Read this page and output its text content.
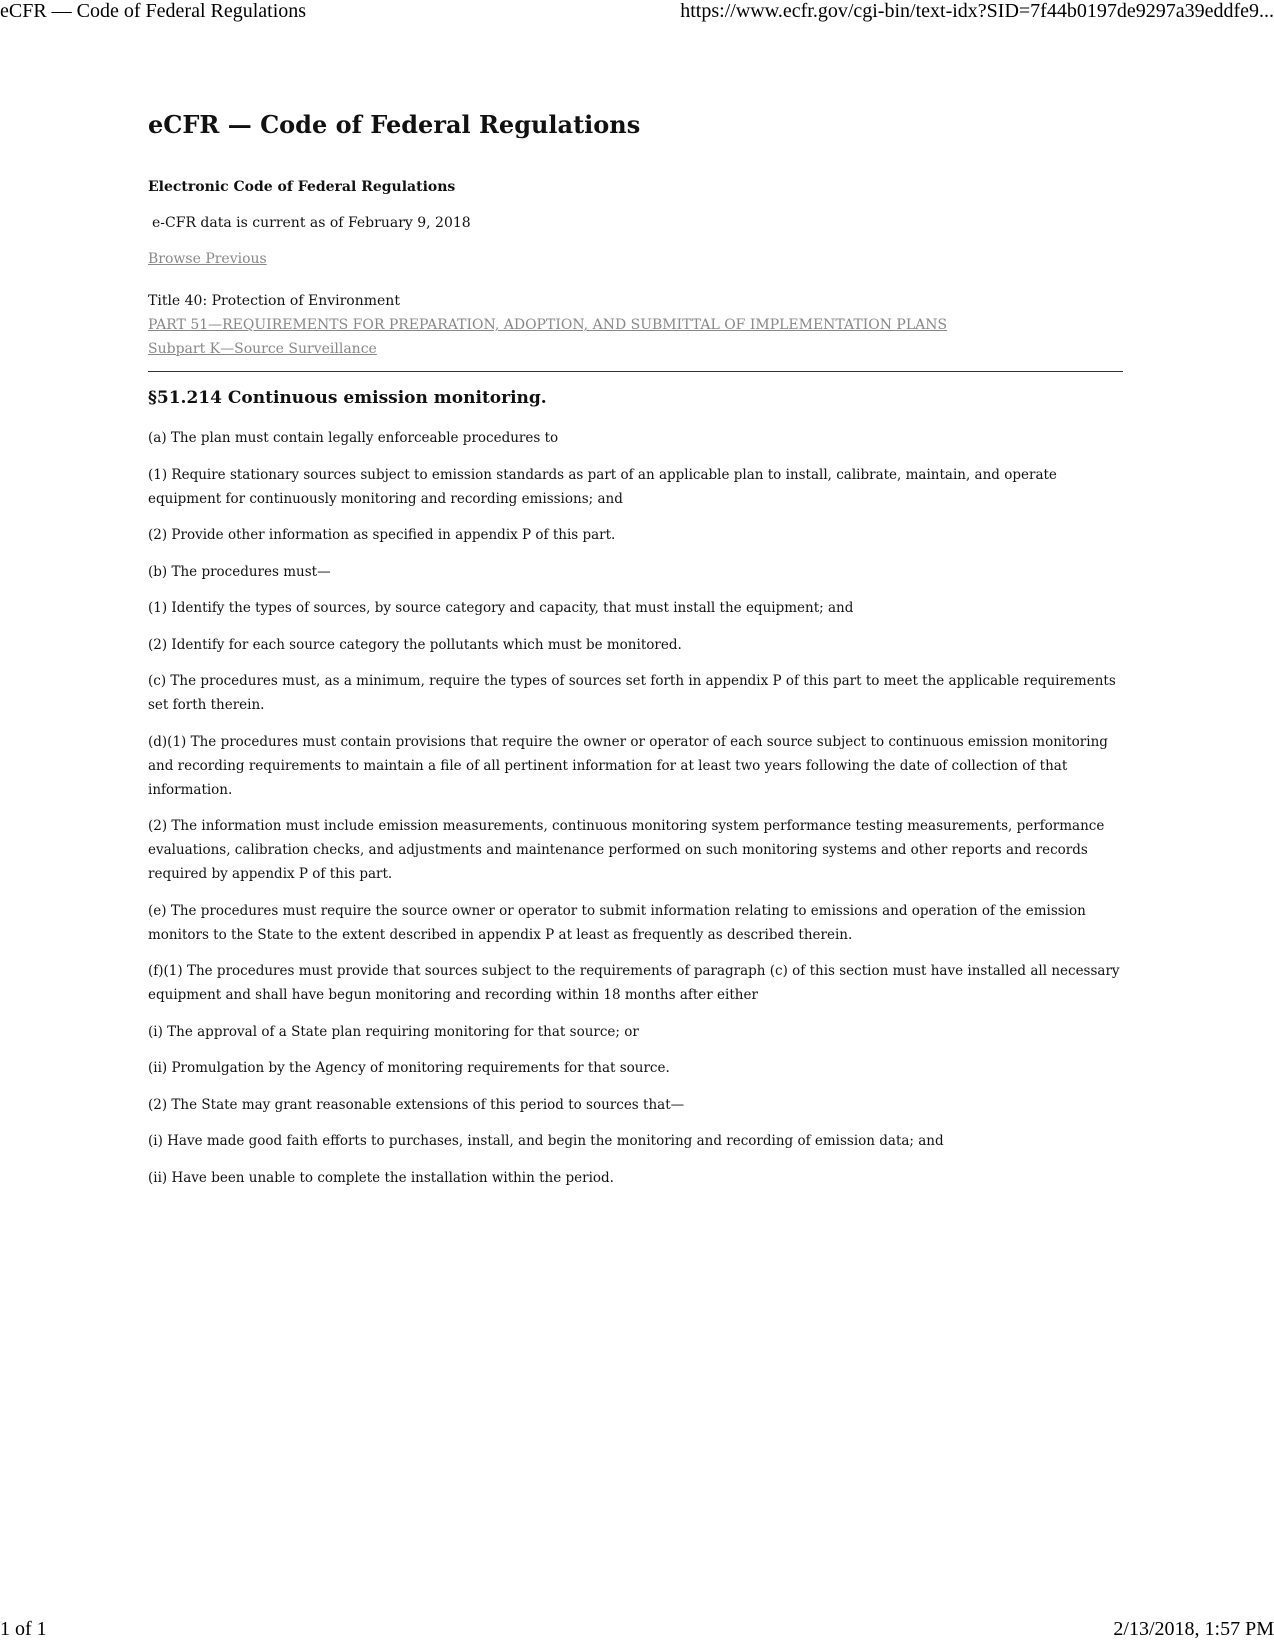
eCFR — Code of Federal Regulations	https://www.ecfr.gov/cgi-bin/text-idx?SID=7f44b0197de9297a39eddfe9...
eCFR — Code of Federal Regulations
Electronic Code of Federal Regulations
e-CFR data is current as of February 9, 2018
Browse Previous
Title 40: Protection of Environment
PART 51—REQUIREMENTS FOR PREPARATION, ADOPTION, AND SUBMITTAL OF IMPLEMENTATION PLANS
Subpart K—Source Surveillance
§51.214 Continuous emission monitoring.

(a) The plan must contain legally enforceable procedures to

(1) Require stationary sources subject to emission standards as part of an applicable plan to install, calibrate, maintain, and operate equipment for continuously monitoring and recording emissions; and

(2) Provide other information as specified in appendix P of this part.

(b) The procedures must—

(1) Identify the types of sources, by source category and capacity, that must install the equipment; and

(2) Identify for each source category the pollutants which must be monitored.

(c) The procedures must, as a minimum, require the types of sources set forth in appendix P of this part to meet the applicable requirements set forth therein.

(d)(1) The procedures must contain provisions that require the owner or operator of each source subject to continuous emission monitoring and recording requirements to maintain a file of all pertinent information for at least two years following the date of collection of that information.

(2) The information must include emission measurements, continuous monitoring system performance testing measurements, performance evaluations, calibration checks, and adjustments and maintenance performed on such monitoring systems and other reports and records required by appendix P of this part.

(e) The procedures must require the source owner or operator to submit information relating to emissions and operation of the emission monitors to the State to the extent described in appendix P at least as frequently as described therein.

(f)(1) The procedures must provide that sources subject to the requirements of paragraph (c) of this section must have installed all necessary equipment and shall have begun monitoring and recording within 18 months after either

(i) The approval of a State plan requiring monitoring for that source; or

(ii) Promulgation by the Agency of monitoring requirements for that source.

(2) The State may grant reasonable extensions of this period to sources that—

(i) Have made good faith efforts to purchases, install, and begin the monitoring and recording of emission data; and

(ii) Have been unable to complete the installation within the period.

1 of 1	2/13/2018, 1:57 PM
